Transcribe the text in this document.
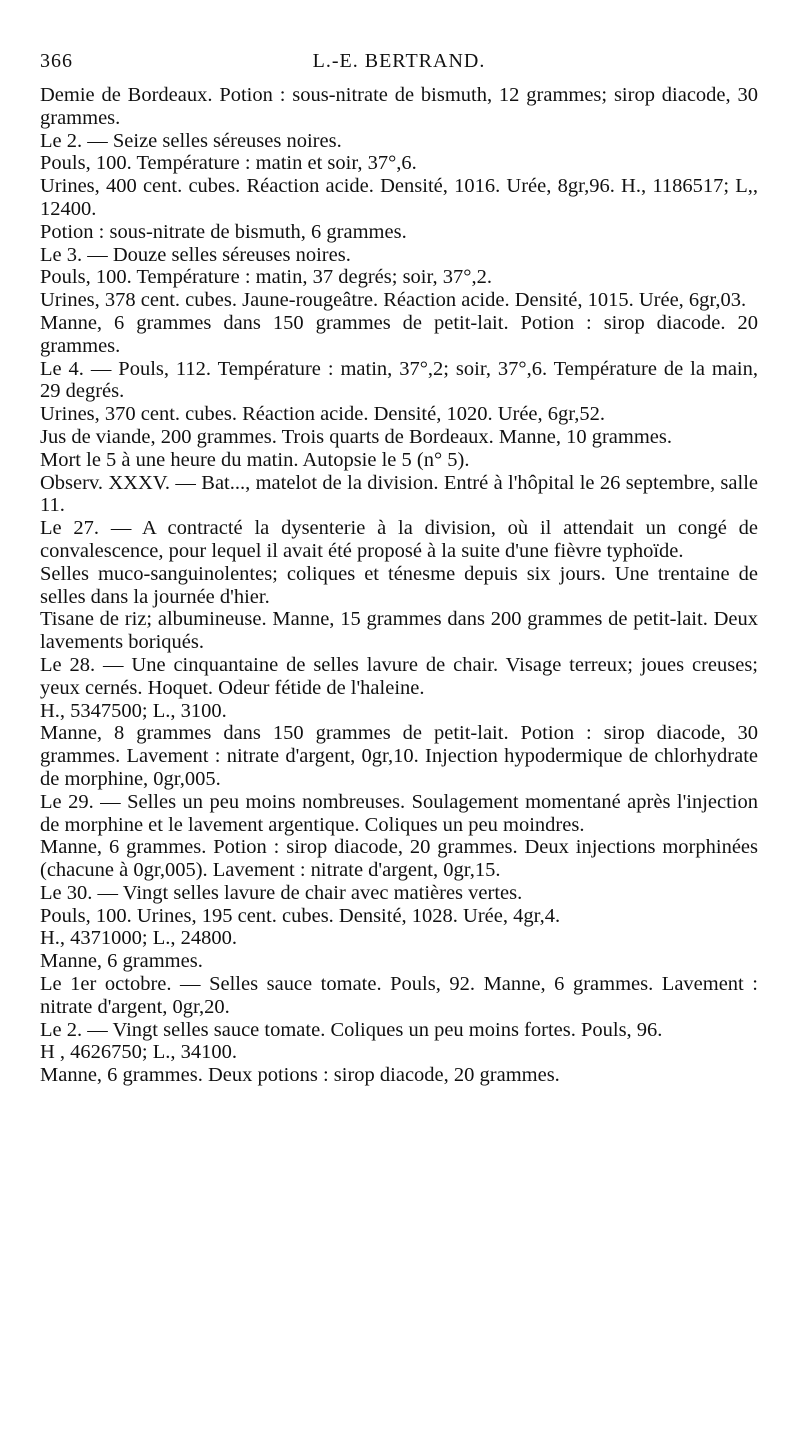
366	L.-E. BERTRAND.

Demie de Bordeaux. Potion : sous-nitrate de bismuth, 12 grammes; sirop diacode, 30 grammes.

Le 2. — Seize selles séreuses noires.

Pouls, 100. Température : matin et soir, 37°,6.

Urines, 400 cent. cubes. Réaction acide. Densité, 1016. Urée, 8gr,96. H., 1186517; L,, 12400.

Potion : sous-nitrate de bismuth, 6 grammes.

Le 3. — Douze selles séreuses noires.

Pouls, 100. Température : matin, 37 degrés; soir, 37°,2.

Urines, 378 cent. cubes. Jaune-rougeâtre. Réaction acide. Densité, 1015. Urée, 6gr,03.

Manne, 6 grammes dans 150 grammes de petit-lait. Potion : sirop diacode. 20 grammes.

Le 4. — Pouls, 112. Température : matin, 37°,2; soir, 37°,6. Température de la main, 29 degrés.

Urines, 370 cent. cubes. Réaction acide. Densité, 1020. Urée, 6gr,52.

Jus de viande, 200 grammes. Trois quarts de Bordeaux. Manne, 10 grammes.

Mort le 5 à une heure du matin. Autopsie le 5 (n° 5).

Observ. XXXV. — Bat..., matelot de la division. Entré à l'hôpital le 26 septembre, salle 11.

Le 27. — A contracté la dysenterie à la division, où il attendait un congé de convalescence, pour lequel il avait été proposé à la suite d'une fièvre typhoïde.

Selles muco-sanguinolentes; coliques et ténesme depuis six jours. Une trentaine de selles dans la journée d'hier.

Tisane de riz; albumineuse. Manne, 15 grammes dans 200 grammes de petit-lait. Deux lavements boriqués.

Le 28. — Une cinquantaine de selles lavure de chair. Visage terreux; joues creuses; yeux cernés. Hoquet. Odeur fétide de l'haleine.

H., 5347500; L., 3100.

Manne, 8 grammes dans 150 grammes de petit-lait. Potion : sirop diacode, 30 grammes. Lavement : nitrate d'argent, 0gr,10. Injection hypodermique de chlorhydrate de morphine, 0gr,005.

Le 29. — Selles un peu moins nombreuses. Soulagement momentané après l'injection de morphine et le lavement argentique. Coliques un peu moindres.

Manne, 6 grammes. Potion : sirop diacode, 20 grammes. Deux injections morphinées (chacune à 0gr,005). Lavement : nitrate d'argent, 0gr,15.

Le 30. — Vingt selles lavure de chair avec matières vertes.

Pouls, 100. Urines, 195 cent. cubes. Densité, 1028. Urée, 4gr,4.

H., 4371000; L., 24800.

Manne, 6 grammes.

Le 1er octobre. — Selles sauce tomate. Pouls, 92. Manne, 6 grammes. Lavement : nitrate d'argent, 0gr,20.

Le 2. — Vingt selles sauce tomate. Coliques un peu moins fortes. Pouls, 96.

H , 4626750; L., 34100.

Manne, 6 grammes. Deux potions : sirop diacode, 20 grammes.
